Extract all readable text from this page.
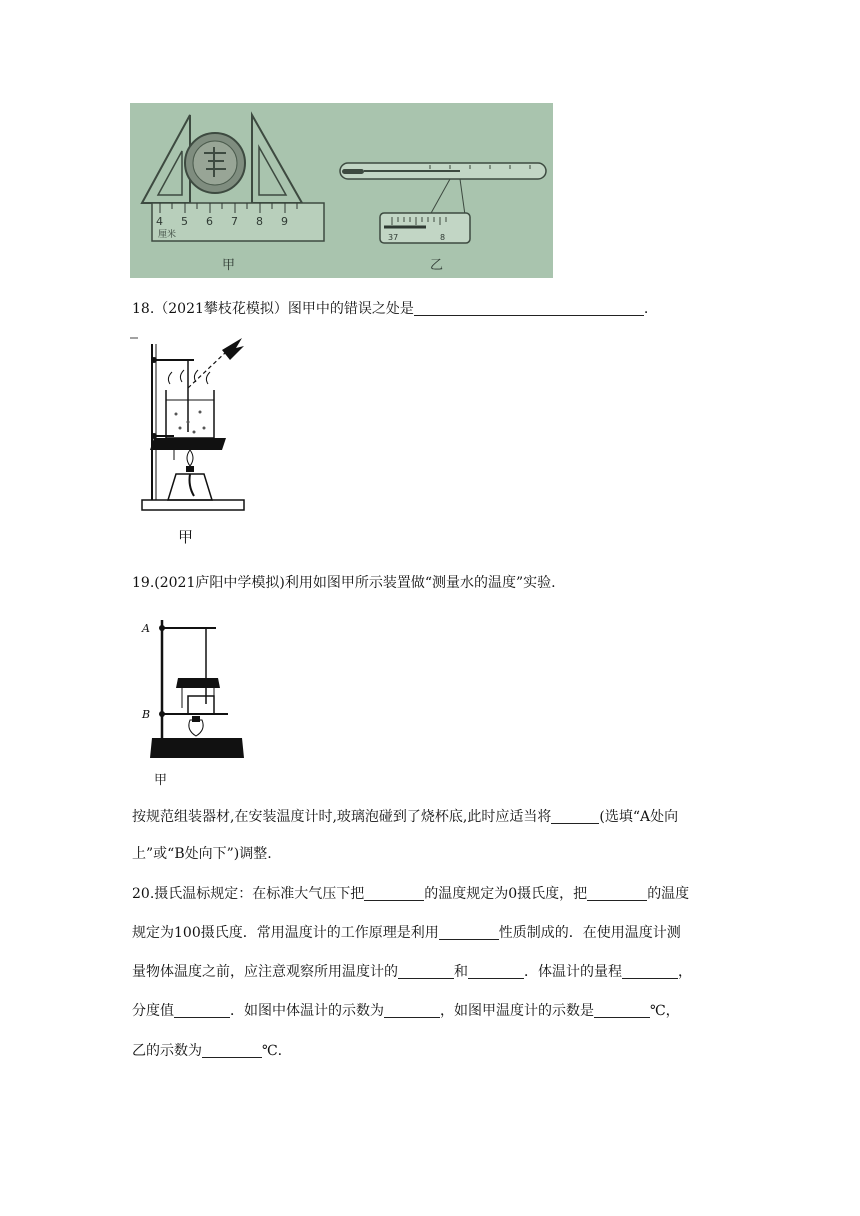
4 5 6 7 8 9
厘米	37	8
甲	乙
18.（2021攀枝花模拟）图甲中的错误之处是	.
甲
19.(2021庐阳中学模拟)利用如图甲所示装置做“测量水的温度”实验.
A
B
甲
按规范组装器材,在安装温度计时,玻璃泡碰到了烧杯底,此时应适当将	(选填“A处向
上”或“B处向下”)调整.
20.摄氏温标规定：在标准大气压下把	的温度规定为0摄氏度，把	的温度
规定为100摄氏度．常用温度计的工作原理是利用	性质制成的．在使用温度计测
量物体温度之前，应注意观察所用温度计的	和	．体温计的量程	，
分度值	．如图中体温计的示数为	，如图甲温度计的示数是	℃，
乙的示数为	℃.
